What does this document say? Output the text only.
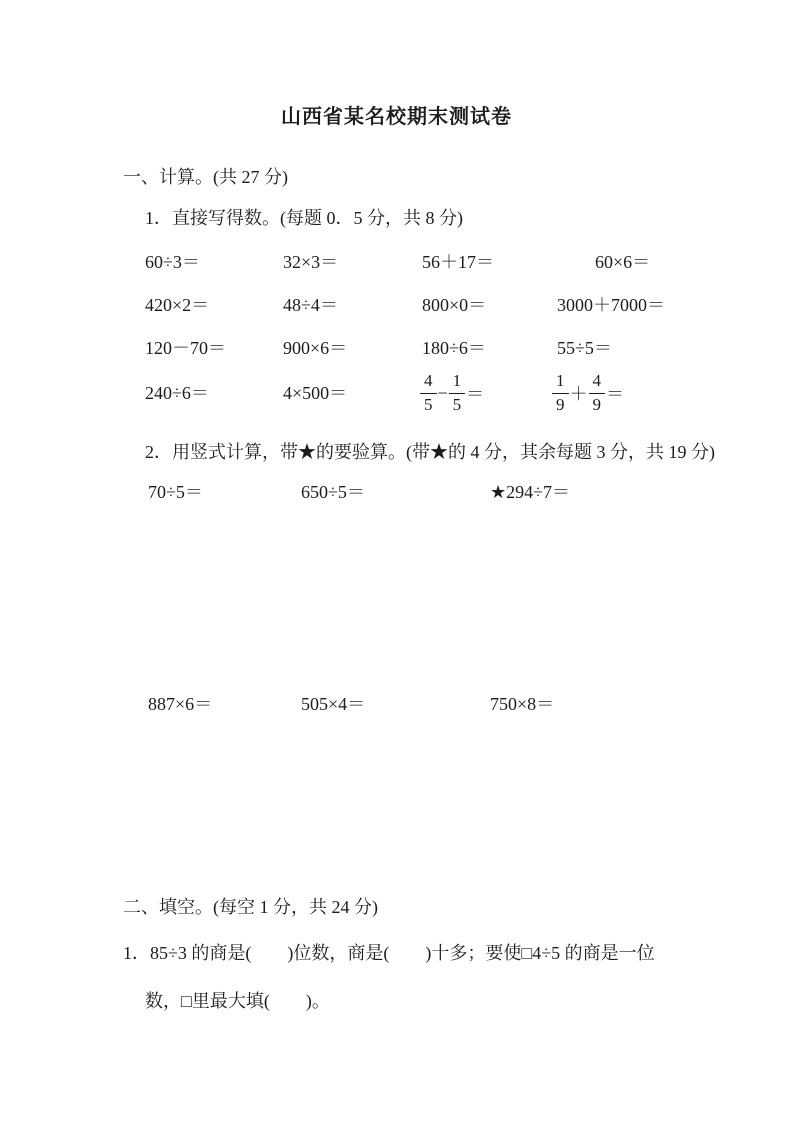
山西省某名校期末测试卷
一、计算。(共 27 分)
1．直接写得数。(每题 0．5 分，共 8 分)
60÷3＝	32×3＝	56＋17＝	60×6＝
420×2＝	48÷4＝	800×0＝	3000＋7000＝
120－70＝	900×6＝	180÷6＝	55÷5＝
240÷6＝	4×500＝	$\frac{4}{5} - \frac{1}{5}$ ＝	$\frac{1}{9} + \frac{4}{9}$ ＝
2．用竖式计算，带★的要验算。(带★的 4 分，其余每题 3 分，共 19 分)
70÷5＝	650÷5＝	★294÷7＝
887×6＝	505×4＝	750×8＝
二、填空。(每空 1 分，共 24 分)
1．85÷3 的商是(　　)位数，商是(　　)十多；要使□4÷5 的商是一位
数，□里最大填(　　)。
